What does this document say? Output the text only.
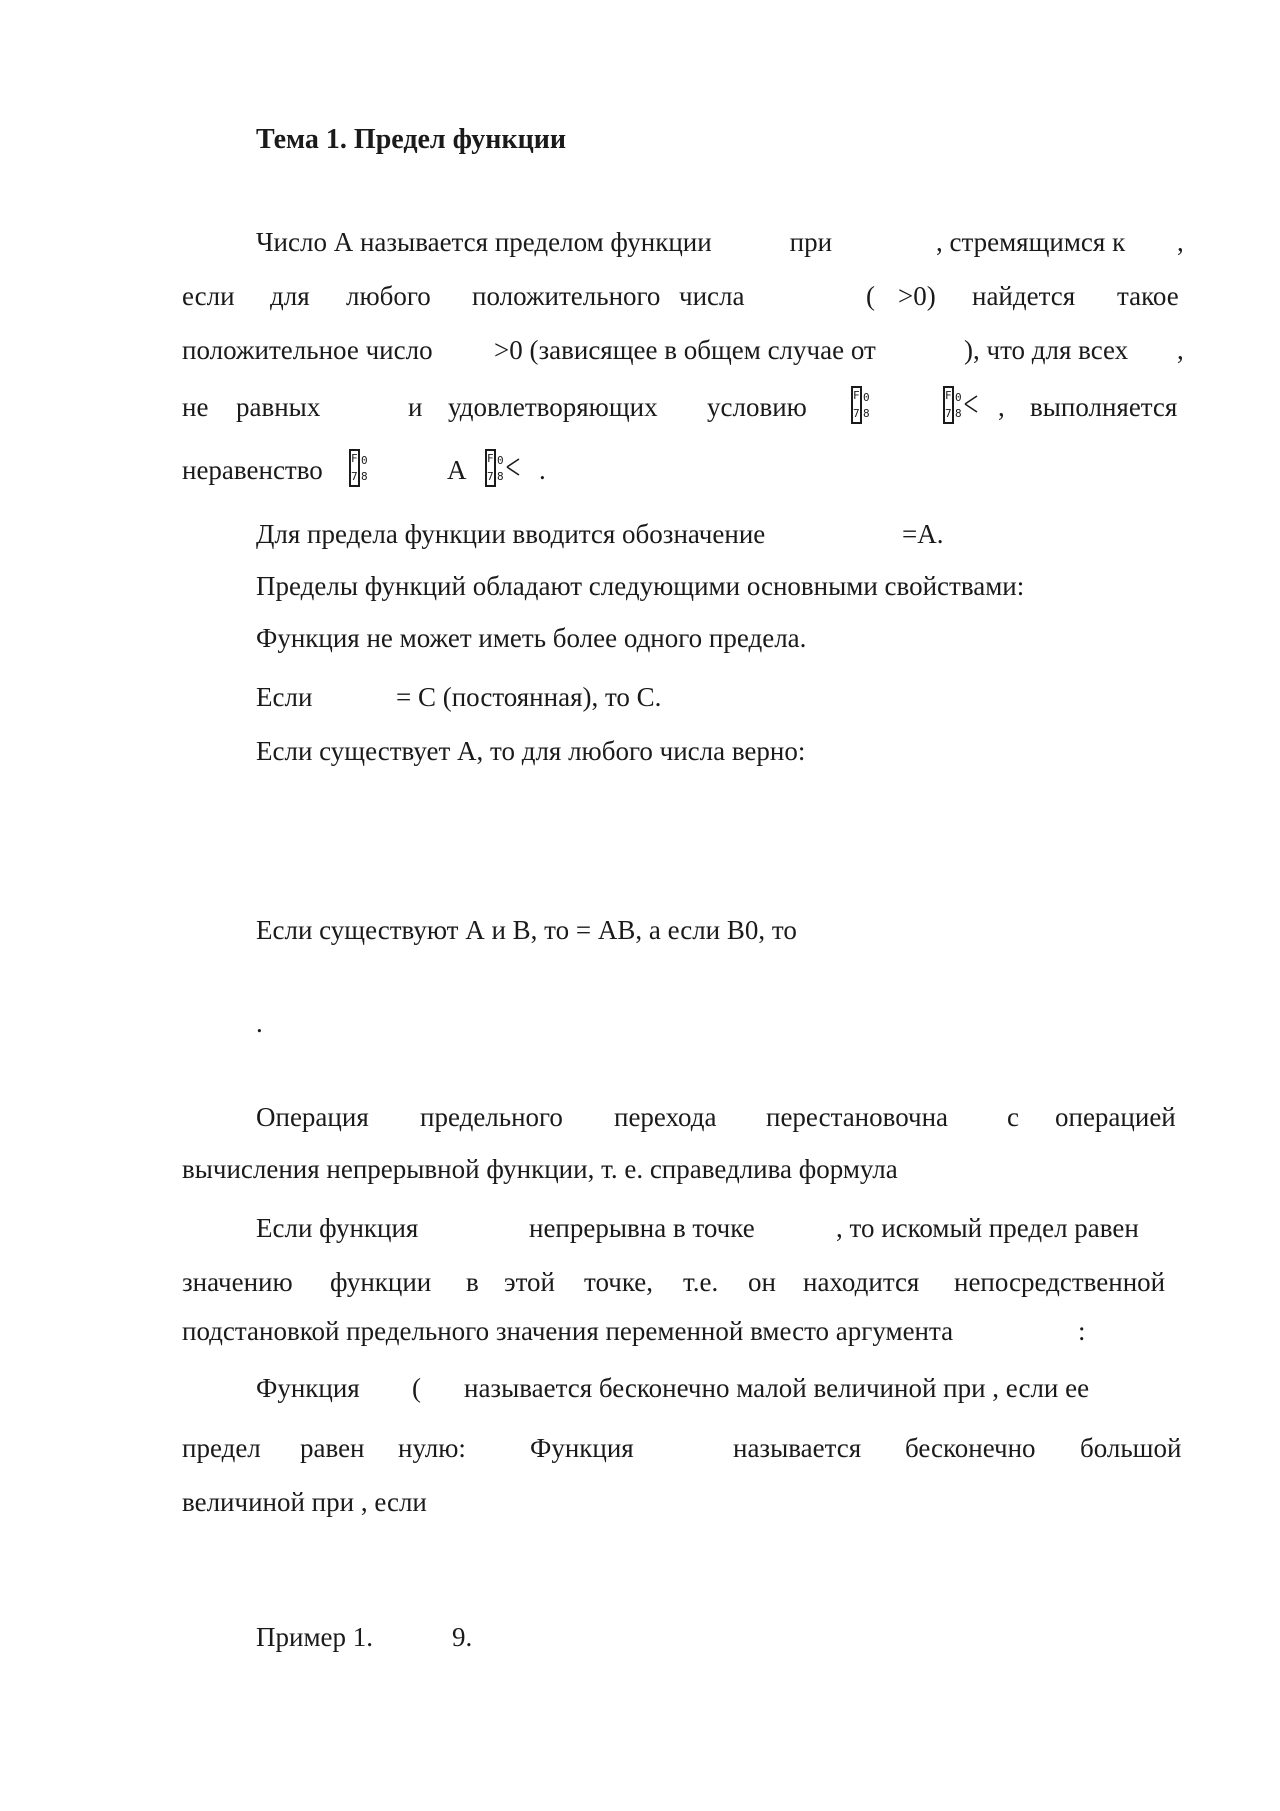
Тема 1. Предел функции

Число А называется пределом функции	при	, стремящимся к ,

если для любого положительного числа	( >0) найдется такое

положительное число >0 (зависящее в общем случае от	), что для всех ,

не равных	и удовлетворяющих условию	F 0
7 8

F 0
7 8 , выполняется

неравенство	F 0
7 8	А F 0
7 8 .

Для предела функции вводится обозначение	=А.

Пределы функций обладают следующими основными свойствами:

Функция не может иметь более одного предела.

Если	= С (постоянная), то С.

Если существует А, то для любого числа верно:

Если существуют А и В, то = АВ, а если В0, то

.

Операция предельного перехода перестановочна с операцией

вычисления непрерывной функции, т. е. справедлива формула

Если функция	непрерывна в точке	, то искомый предел равен

значению функции в этой точке, т.е. он находится непосредственной

подстановкой предельного значения переменной вместо аргумента	:

Функция ( называется бесконечно малой величиной при , если ее

предел равен нулю: Функция	называется бесконечно большой

величиной при , если

Пример 1.	9.
